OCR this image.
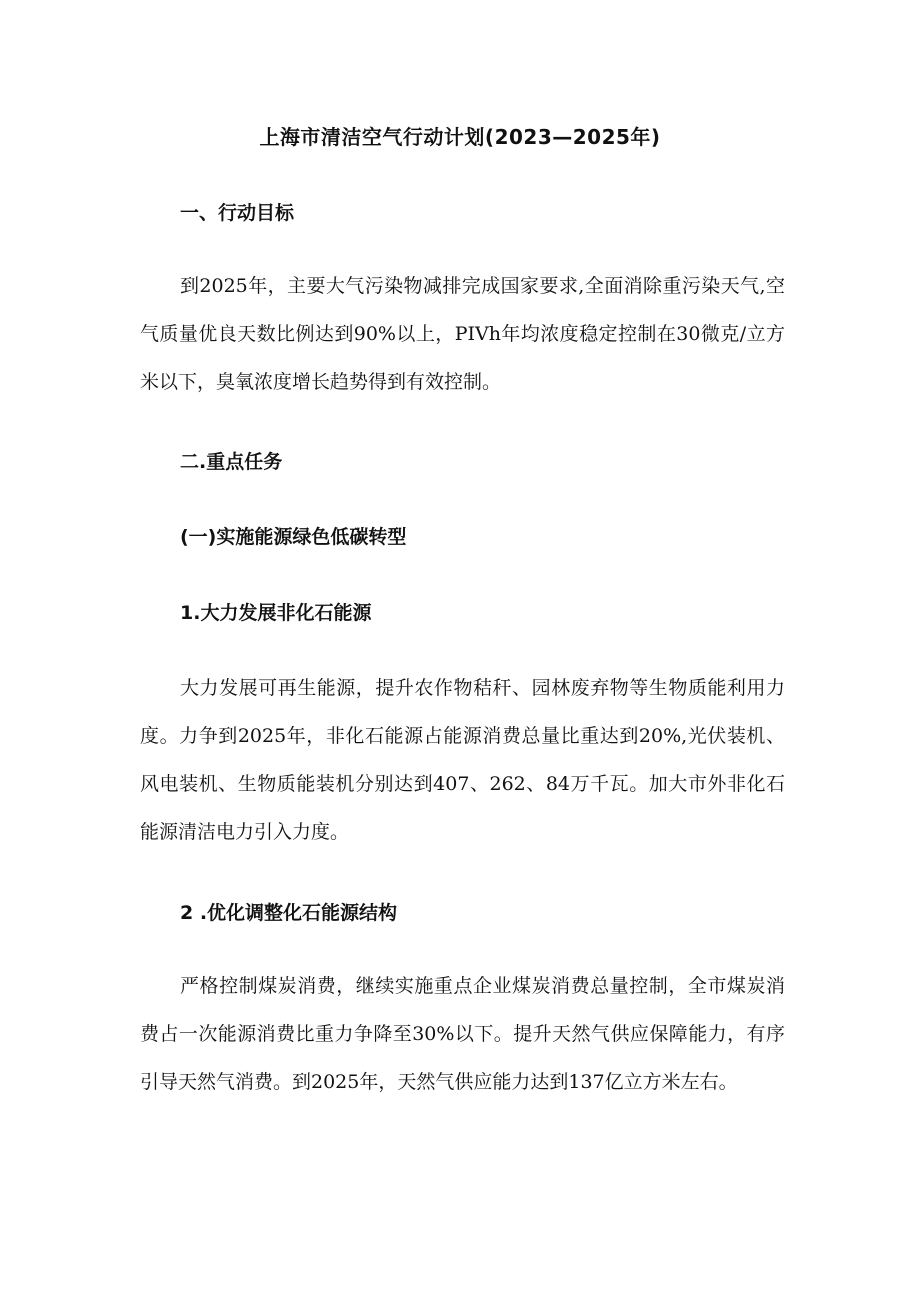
上海市清洁空气行动计划(2023—2025年)
一、行动目标

到2025年，主要大气污染物减排完成国家要求,全面消除重污染天气,空气质量优良天数比例达到90%以上，PIVh年均浓度稳定控制在30微克/立方米以下，臭氧浓度增长趋势得到有效控制。

二.重点任务
(一)实施能源绿色低碳转型
1.大力发展非化石能源

大力发展可再生能源，提升农作物秸秆、园林废弃物等生物质能利用力度。力争到2025年，非化石能源占能源消费总量比重达到20%,光伏装机、风电装机、生物质能装机分别达到407、262、84万千瓦。加大市外非化石能源清洁电力引入力度。

2 .优化调整化石能源结构

严格控制煤炭消费，继续实施重点企业煤炭消费总量控制，全市煤炭消费占一次能源消费比重力争降至30%以下。提升天然气供应保障能力，有序引导天然气消费。到2025年，天然气供应能力达到137亿立方米左右。
